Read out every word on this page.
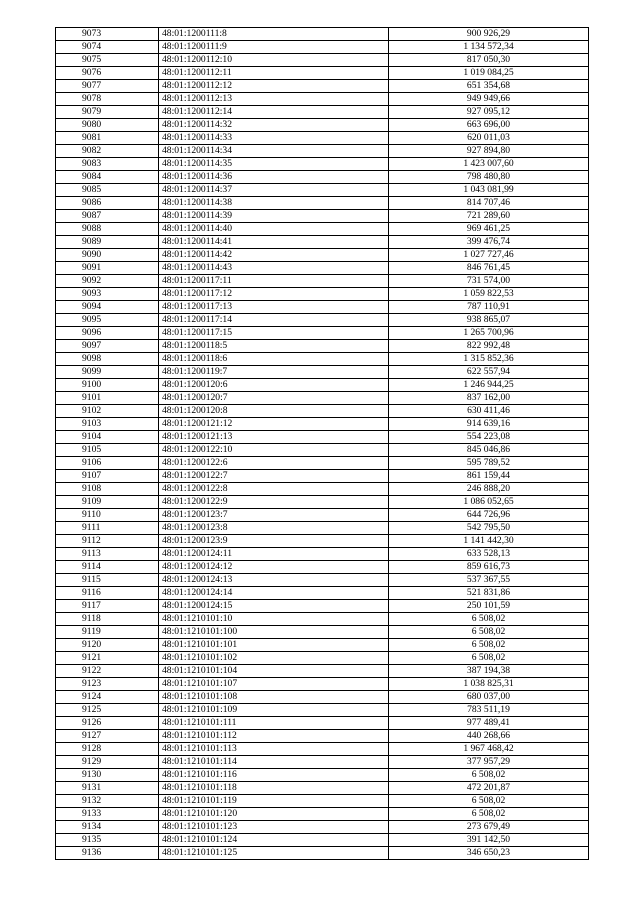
9073	48:01:1200111:8	900 926,29
9074	48:01:1200111:9	1 134 572,34
9075	48:01:1200112:10	817 050,30
9076	48:01:1200112:11	1 019 084,25
9077	48:01:1200112:12	651 354,68
9078	48:01:1200112:13	949 949,66
9079	48:01:1200112:14	927 095,12
9080	48:01:1200114:32	663 696,00
9081	48:01:1200114:33	620 011,03
9082	48:01:1200114:34	927 894,80
9083	48:01:1200114:35	1 423 007,60
9084	48:01:1200114:36	798 480,80
9085	48:01:1200114:37	1 043 081,99
9086	48:01:1200114:38	814 707,46
9087	48:01:1200114:39	721 289,60
9088	48:01:1200114:40	969 461,25
9089	48:01:1200114:41	399 476,74
9090	48:01:1200114:42	1 027 727,46
9091	48:01:1200114:43	846 761,45
9092	48:01:1200117:11	731 574,00
9093	48:01:1200117:12	1 059 822,53
9094	48:01:1200117:13	787 110,91
9095	48:01:1200117:14	938 865,07
9096	48:01:1200117:15	1 265 700,96
9097	48:01:1200118:5	822 992,48
9098	48:01:1200118:6	1 315 852,36
9099	48:01:1200119:7	622 557,94
9100	48:01:1200120:6	1 246 944,25
9101	48:01:1200120:7	837 162,00
9102	48:01:1200120:8	630 411,46
9103	48:01:1200121:12	914 639,16
9104	48:01:1200121:13	554 223,08
9105	48:01:1200122:10	845 046,86
9106	48:01:1200122:6	595 789,52
9107	48:01:1200122:7	861 159,44
9108	48:01:1200122:8	246 888,20
9109	48:01:1200122:9	1 086 052,65
9110	48:01:1200123:7	644 726,96
9111	48:01:1200123:8	542 795,50
9112	48:01:1200123:9	1 141 442,30
9113	48:01:1200124:11	633 528,13
9114	48:01:1200124:12	859 616,73
9115	48:01:1200124:13	537 367,55
9116	48:01:1200124:14	521 831,86
9117	48:01:1200124:15	250 101,59
9118	48:01:1210101:10	6 508,02
9119	48:01:1210101:100	6 508,02
9120	48:01:1210101:101	6 508,02
9121	48:01:1210101:102	6 508,02
9122	48:01:1210101:104	387 194,38
9123	48:01:1210101:107	1 038 825,31
9124	48:01:1210101:108	680 037,00
9125	48:01:1210101:109	783 511,19
9126	48:01:1210101:111	977 489,41
9127	48:01:1210101:112	440 268,66
9128	48:01:1210101:113	1 967 468,42
9129	48:01:1210101:114	377 957,29
9130	48:01:1210101:116	6 508,02
9131	48:01:1210101:118	472 201,87
9132	48:01:1210101:119	6 508,02
9133	48:01:1210101:120	6 508,02
9134	48:01:1210101:123	273 679,49
9135	48:01:1210101:124	391 142,50
9136	48:01:1210101:125	346 650,23
